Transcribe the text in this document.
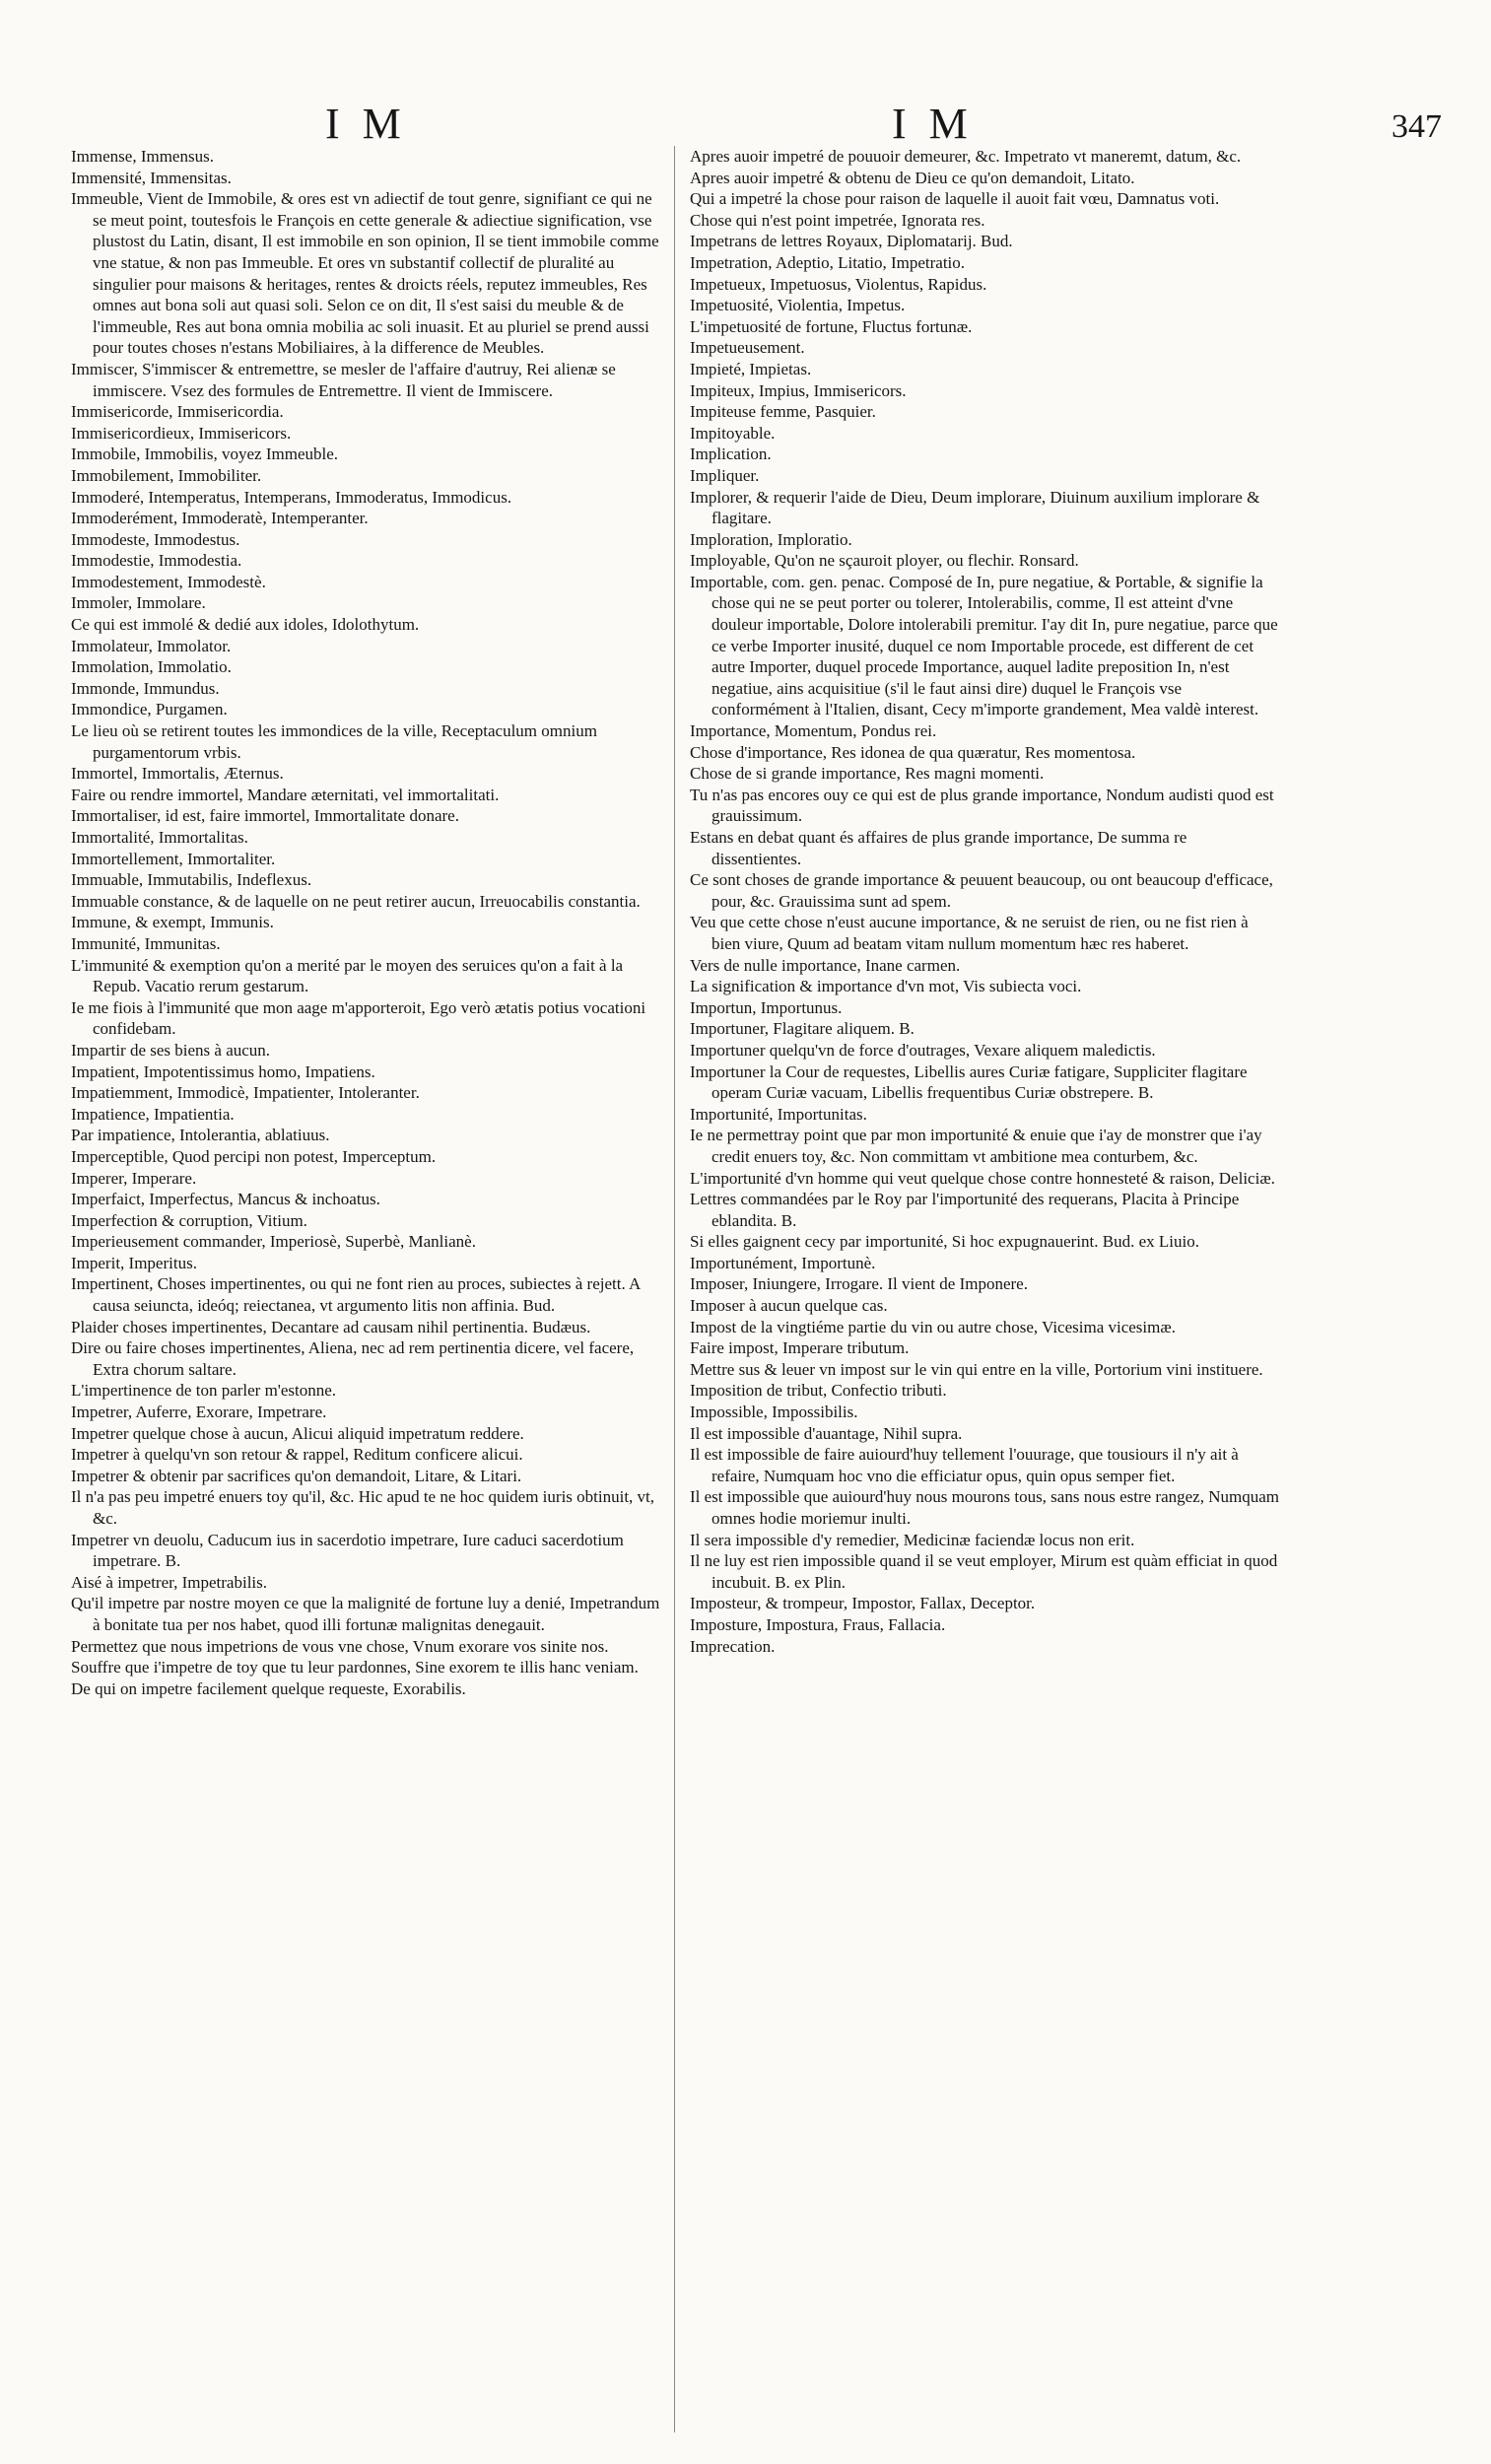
I M	I M	347

Immense, Immensus.

Immensité, Immensitas.

Immeuble, Vient de Immobile, & ores est vn adiectif de tout genre, signifiant ce qui ne se meut point, toutesfois le François en cette generale & adiectiue signification, vse plustost du Latin, disant, Il est immobile en son opinion, Il se tient immobile comme vne statue, & non pas Immeuble. Et ores vn substantif collectif de pluralité au singulier pour maisons & heritages, rentes & droicts réels, reputez immeubles, Res omnes aut bona soli aut quasi soli. Selon ce on dit, Il s'est saisi du meuble & de l'immeuble, Res aut bona omnia mobilia ac soli inuasit. Et au pluriel se prend aussi pour toutes choses n'estans Mobiliaires, à la difference de Meubles.

Immiscer, S'immiscer & entremettre, se mesler de l'affaire d'autruy, Rei alienæ se immiscere. Vsez des formules de Entremettre. Il vient de Immiscere.

Immisericorde, Immisericordia.

Immisericordieux, Immisericors.

Immobile, Immobilis, voyez Immeuble.

Immobilement, Immobiliter.

Immoderé, Intemperatus, Intemperans, Immoderatus, Immodicus.

Immoderément, Immoderatè, Intemperanter.

Immodeste, Immodestus.

Immodestie, Immodestia.

Immodestement, Immodestè.

Immoler, Immolare.

Ce qui est immolé & dedié aux idoles, Idolothytum.

Immolateur, Immolator.

Immolation, Immolatio.

Immonde, Immundus.

Immondice, Purgamen.

Le lieu où se retirent toutes les immondices de la ville, Receptaculum omnium purgamentorum vrbis.

Immortel, Immortalis, Æternus.

Faire ou rendre immortel, Mandare æternitati, vel immortalitati.

Immortaliser, id est, faire immortel, Immortalitate donare.

Immortalité, Immortalitas.

Immortellement, Immortaliter.

Immuable, Immutabilis, Indeflexus.

Immuable constance, & de laquelle on ne peut retirer aucun, Irreuocabilis constantia.

Immune, & exempt, Immunis.

Immunité, Immunitas.

L'immunité & exemption qu'on a merité par le moyen des seruices qu'on a fait à la Repub. Vacatio rerum gestarum.

Ie me fiois à l'immunité que mon aage m'apporteroit, Ego verò ætatis potius vocationi confidebam.

Impartir de ses biens à aucun.

Impatient, Impotentissimus homo, Impatiens.

Impatiemment, Immodicè, Impatienter, Intoleranter.

Impatience, Impatientia.

Par impatience, Intolerantia, ablatiuus.

Imperceptible, Quod percipi non potest, Imperceptum.

Imperer, Imperare.

Imperfaict, Imperfectus, Mancus & inchoatus.

Imperfection & corruption, Vitium.

Imperieusement commander, Imperiosè, Superbè, Manlianè.

Imperit, Imperitus.

Impertinent, Choses impertinentes, ou qui ne font rien au proces, subiectes à rejett. A causa seiuncta, ideóq; reiectanea, vt argumento litis non affinia. Bud.

Plaider choses impertinentes, Decantare ad causam nihil pertinentia. Budæus.

Dire ou faire choses impertinentes, Aliena, nec ad rem pertinentia dicere, vel facere, Extra chorum saltare.

L'impertinence de ton parler m'estonne.

Impetrer, Auferre, Exorare, Impetrare.

Impetrer quelque chose à aucun, Alicui aliquid impetratum reddere.

Impetrer à quelqu'vn son retour & rappel, Reditum conficere alicui.

Impetrer & obtenir par sacrifices qu'on demandoit, Litare, & Litari.

Il n'a pas peu impetré enuers toy qu'il, &c. Hic apud te ne hoc quidem iuris obtinuit, vt, &c.

Impetrer vn deuolu, Caducum ius in sacerdotio impetrare, Iure caduci sacerdotium impetrare. B.

Aisé à impetrer, Impetrabilis.

Qu'il impetre par nostre moyen ce que la malignité de fortune luy a denié, Impetrandum à bonitate tua per nos habet, quod illi fortunæ malignitas denegauit.

Permettez que nous impetrions de vous vne chose, Vnum exorare vos sinite nos.

Souffre que i'impetre de toy que tu leur pardonnes, Sine exorem te illis hanc veniam.

De qui on impetre facilement quelque requeste, Exorabilis.

Apres auoir impetré de pouuoir demeurer, &c. Impetrato vt maneremt, datum, &c.

Apres auoir impetré & obtenu de Dieu ce qu'on demandoit, Litato.

Qui a impetré la chose pour raison de laquelle il auoit fait vœu, Damnatus voti.

Chose qui n'est point impetrée, Ignorata res.

Impetrans de lettres Royaux, Diplomatarij. Bud.

Impetration, Adeptio, Litatio, Impetratio.

Impetueux, Impetuosus, Violentus, Rapidus.

Impetuosité, Violentia, Impetus.

L'impetuosité de fortune, Fluctus fortunæ.

Impetueusement.

Impieté, Impietas.

Impiteux, Impius, Immisericors.

Impiteuse femme, Pasquier.

Impitoyable.

Implication.

Impliquer.

Implorer, & requerir l'aide de Dieu, Deum implorare, Diuinum auxilium implorare & flagitare.

Imploration, Imploratio.

Imployable, Qu'on ne sçauroit ployer, ou flechir. Ronsard.

Importable, com. gen. penac. Composé de In, pure negatiue, & Portable, & signifie la chose qui ne se peut porter ou tolerer, Intolerabilis, comme, Il est atteint d'vne douleur importable, Dolore intolerabili premitur. I'ay dit In, pure negatiue, parce que ce verbe Importer inusité, duquel ce nom Importable procede, est different de cet autre Importer, duquel procede Importance, auquel ladite preposition In, n'est negatiue, ains acquisitiue (s'il le faut ainsi dire) duquel le François vse conformément à l'Italien, disant, Cecy m'importe grandement, Mea valdè interest.

Importance, Momentum, Pondus rei.

Chose d'importance, Res idonea de qua quæratur, Res momentosa.

Chose de si grande importance, Res magni momenti.

Tu n'as pas encores ouy ce qui est de plus grande importance, Nondum audisti quod est grauissimum.

Estans en debat quant és affaires de plus grande importance, De summa re dissentientes.

Ce sont choses de grande importance & peuuent beaucoup, ou ont beaucoup d'efficace, pour, &c. Grauissima sunt ad spem.

Veu que cette chose n'eust aucune importance, & ne seruist de rien, ou ne fist rien à bien viure, Quum ad beatam vitam nullum momentum hæc res haberet.

Vers de nulle importance, Inane carmen.

La signification & importance d'vn mot, Vis subiecta voci.

Importun, Importunus.

Importuner, Flagitare aliquem. B.

Importuner quelqu'vn de force d'outrages, Vexare aliquem maledictis.

Importuner la Cour de requestes, Libellis aures Curiæ fatigare, Suppliciter flagitare operam Curiæ vacuam, Libellis frequentibus Curiæ obstrepere. B.

Importunité, Importunitas.

Ie ne permettray point que par mon importunité & enuie que i'ay de monstrer que i'ay credit enuers toy, &c. Non committam vt ambitione mea conturbem, &c.

L'importunité d'vn homme qui veut quelque chose contre honnesteté & raison, Deliciæ.

Lettres commandées par le Roy par l'importunité des requerans, Placita à Principe eblandita. B.

Si elles gaignent cecy par importunité, Si hoc expugnauerint. Bud. ex Liuio.

Importunément, Importunè.

Imposer, Iniungere, Irrogare. Il vient de Imponere.

Imposer à aucun quelque cas.

Impost de la vingtiéme partie du vin ou autre chose, Vicesima vicesimæ.

Faire impost, Imperare tributum.

Mettre sus & leuer vn impost sur le vin qui entre en la ville, Portorium vini instituere.

Imposition de tribut, Confectio tributi.

Impossible, Impossibilis.

Il est impossible d'auantage, Nihil supra.

Il est impossible de faire auiourd'huy tellement l'ouurage, que tousiours il n'y ait à refaire, Numquam hoc vno die efficiatur opus, quin opus semper fiet.

Il est impossible que auiourd'huy nous mourons tous, sans nous estre rangez, Numquam omnes hodie moriemur inulti.

Il sera impossible d'y remedier, Medicinæ faciendæ locus non erit.

Il ne luy est rien impossible quand il se veut employer, Mirum est quàm efficiat in quod incubuit. B. ex Plin.

Imposteur, & trompeur, Impostor, Fallax, Deceptor.

Imposture, Impostura, Fraus, Fallacia.

Imprecation.
